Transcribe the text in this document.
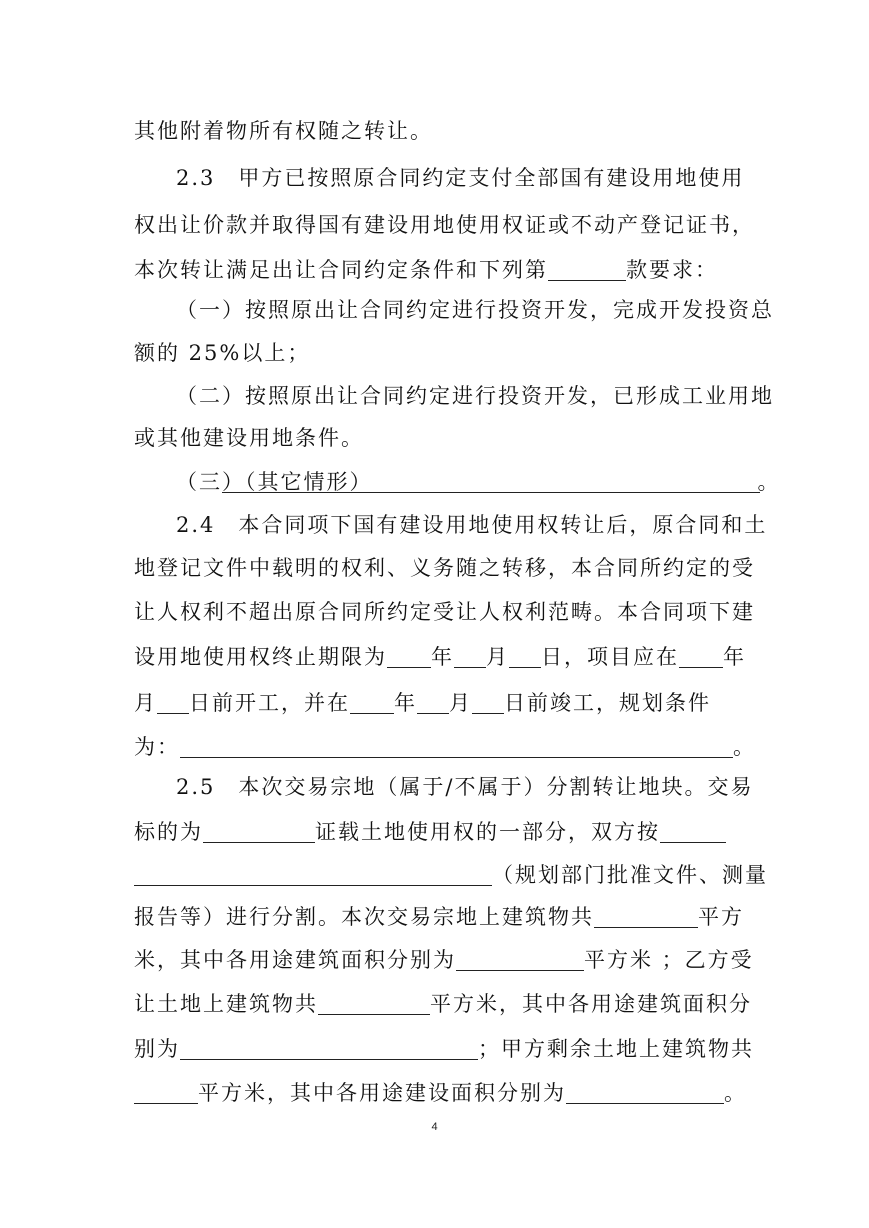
其他附着物所有权随之转让。
2.3　甲方已按照原合同约定支付全部国有建设用地使用
权出让价款并取得国有建设用地使用权证或不动产登记证书，
本次转让满足出让合同约定条件和下列第	款要求：
（一）按照原出让合同约定进行投资开发，完成开发投资总
额的 25%以上；
（二）按照原出让合同约定进行投资开发，已形成工业用地
或其他建设用地条件。
（三）（其它情形）	。
2.4　本合同项下国有建设用地使用权转让后，原合同和土
地登记文件中载明的权利、义务随之转移，本合同所约定的受
让人权利不超出原合同所约定受让人权利范畴。本合同项下建
设用地使用权终止期限为 年 月 日，项目应在 年
月 日前开工，并在 年 月 日前竣工，规划条件
为：	。
2.5　本次交易宗地（属于/不属于）分割转让地块。交易
标的为	证载土地使用权的一部分，双方按
（规划部门批准文件、测量
报告等）进行分割。本次交易宗地上建筑物共	平方
米，其中各用途建筑面积分别为	平方米 ；乙方受
让土地上建筑物共	平方米，其中各用途建筑面积分
别为	；甲方剩余土地上建筑物共
平方米，其中各用途建设面积分别为	。
4
